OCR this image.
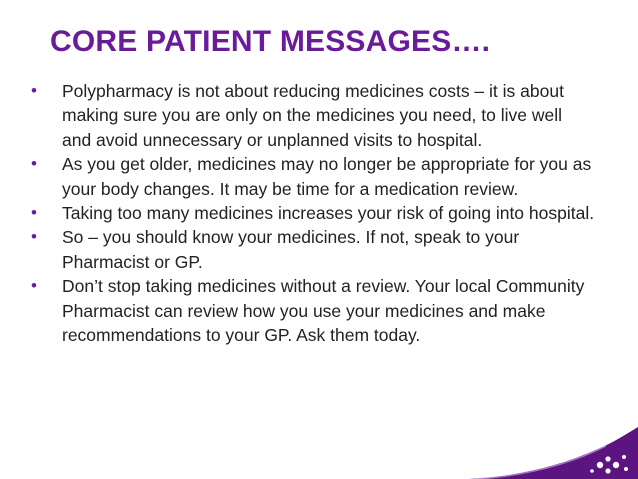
CORE PATIENT MESSAGES….
• Polypharmacy is not about reducing medicines costs – it is about making sure you are only on the medicines you need, to live well and avoid unnecessary or unplanned visits to hospital.
• As you get older, medicines may no longer be appropriate for you as your body changes. It may be time for a medication review.
• Taking too many medicines increases your risk of going into hospital.
• So – you should know your medicines. If not, speak to your Pharmacist or GP.
• Don’t stop taking medicines without a review. Your local Community Pharmacist can review how you use your medicines and make recommendations to your GP. Ask them today.
